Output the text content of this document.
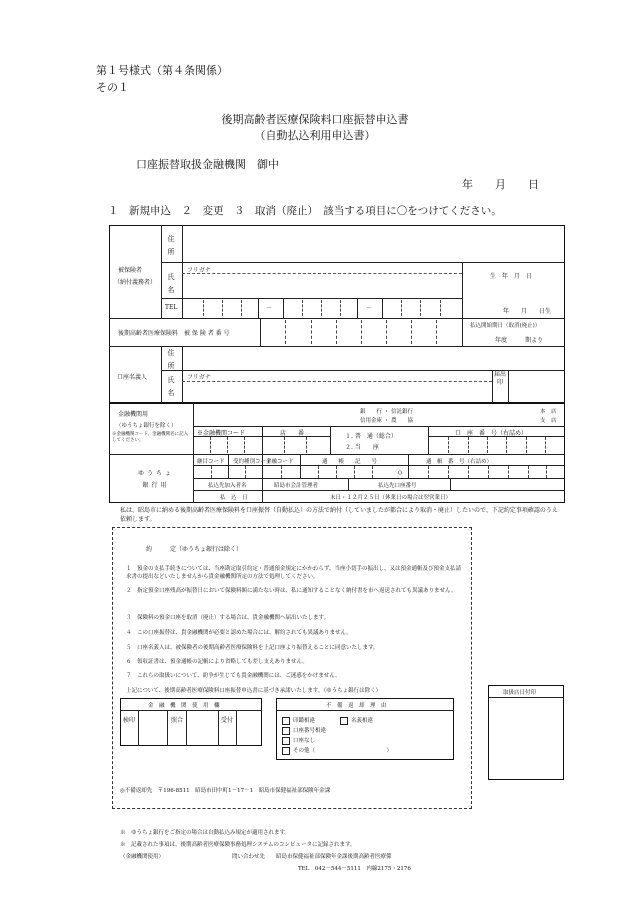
第１号様式（第４条関係）
その１
後期高齢者医療保険料口座振替申込書
（自動払込利用申込書）
口座振替取扱金融機関　御中
年　　月　　日
１　新規申込　２　変更　３　取消（廃止）　該当する項目に〇をつけてください。
被保険者
（納付義務者）
住所
フリガナ
氏名
生　年　月　日
TEL	－	－	年　　月　　日生
後期高齢者医療保険料　被 保 険 者 番 号
払込開始期日（取消(廃止)）
年度　　　期より
口座名義人
住所
フリガナ
氏名
届出印
金融機関用
（ゆうちょ銀行を除く）
※金融機関コード、金融機関名に記入してください。
銀　　行 ・ 信託銀行
信用金庫 ・ 農　　協
本　店
支　店
※金融機関コード	店　　番	１. 普　通（総合）
２. 当　　座
口　座　番　号（右詰め）
ゆうちょ銀行用
継目コード 受約種別コード
金融コード	通　　帳　　記　　号	通　帳　番　号（右詰め）
０
払込先加入者名	昭島市会計管理者	払込先口座番号
払　込　日	末日・１２月２５日（休業日の場合は翌営業日）
私は、昭島市に納める後期高齢者医療保険料を口座振替（自動払込）の方法で納付（していましたが都合により取消・廃止）したいので、下記約定事項確認のうえ依頼します。
約　　　定（ゆうちょ銀行は除く）
１　預金の支払手続きについては、当座勘定取引約定・普通預金規定にかかわらず、当座小切手の振出し、又は預金通帳及び預金支払請求書の提出などいたしませんから貴金融機関所定の方法で処理してください。
２　指定預金口座残高が振替日において保険料額に満たない時は、私に通知することなく納付書を市へ返送されても異議ありません。
３　保険料の預金口座を取消（廃止）する場合は、貴金融機関へ届出いたします。
４　この口座振替は、貴金融機関が必要と認めた場合には、解約されても異議ありません。
５　口座名義人は、被保険者の後期高齢者医療保険料を上記口座より振替えることに同意いたします。
６　領収証書は、預金通帳の記帳により省略しても差し支えありません。
７　これらの取扱いについて、紛争が生じても貴金融機関には、ご迷惑をかけません。
上記について、後期高齢者医療保険料口座振替申込書に基づき承諾いたします。（ゆうちょ銀行は除く）
金　融　機　関　使　用　欄
検印	照合	受付
不　備　返　却　理　由
印鑑相違	名義相違
口座番号相違
口座なし
その他（　　　　　　　　　　　　　）
取扱店日付印
◎不備返却先　〒196-8511　昭島市田中町1－17－1　昭島市保健福祉部保険年金課
※　ゆうちょ銀行をご指定の場合は自動払込み規定が適用されます。
※　記載された事項は、後期高齢者医療保険事務処理システムのコンピュータに記録されます。
（金融機関使用）	問い合わせ先　　昭島市保健福祉部保険年金課後期高齢者医療係
TEL　042－544－5111　内線2175・2176
